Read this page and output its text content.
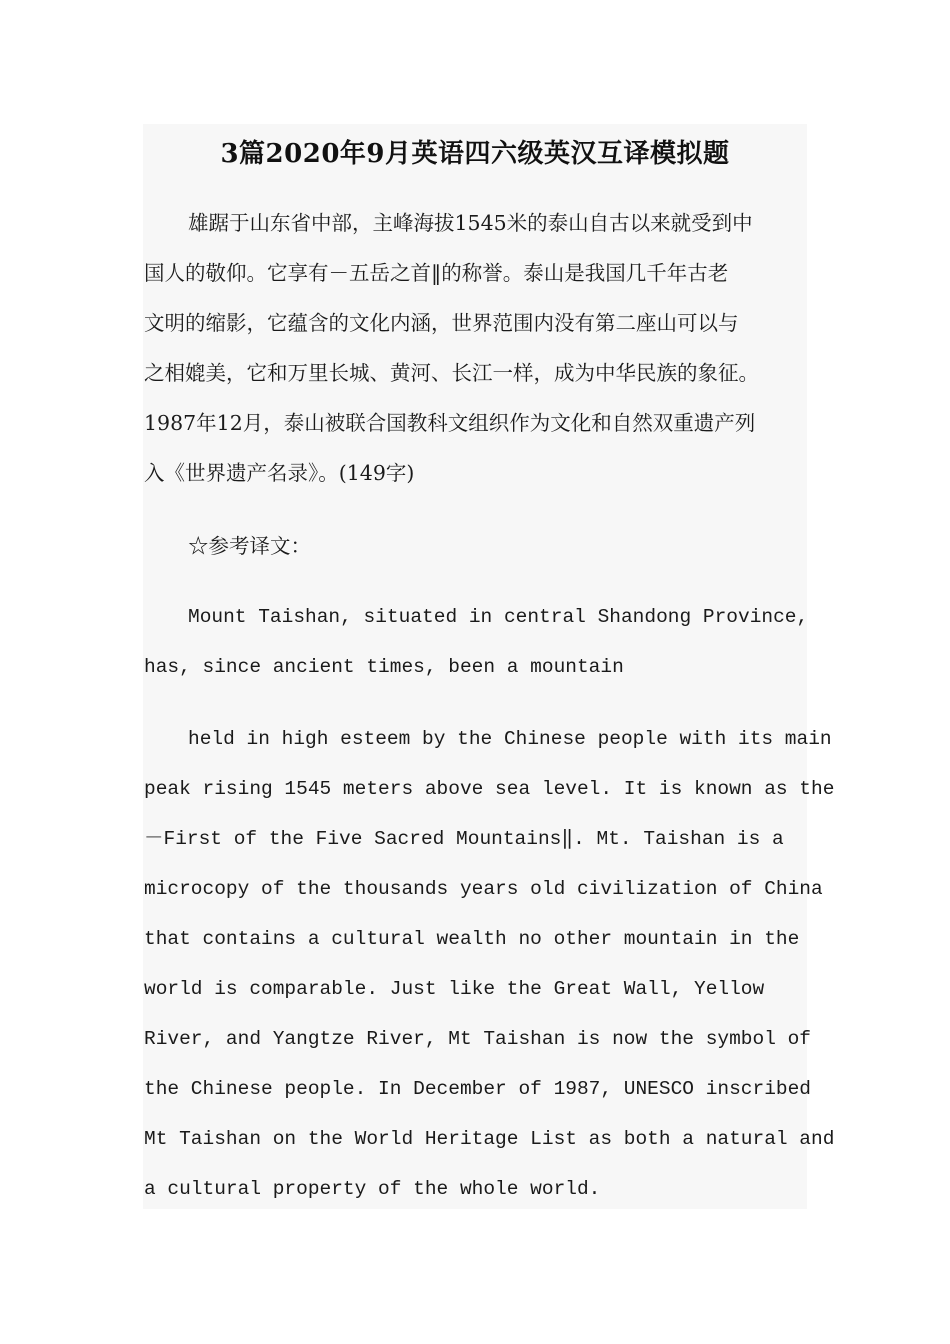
3篇2020年9月英语四六级英汉互译模拟题
雄踞于山东省中部，主峰海拔1545米的泰山自古以来就受到中
国人的敬仰。它享有－五岳之首‖的称誉。泰山是我国几千年古老
文明的缩影，它蕴含的文化内涵，世界范围内没有第二座山可以与
之相媲美，它和万里长城、黄河、长江一样，成为中华民族的象征。
1987年12月，泰山被联合国教科文组织作为文化和自然双重遗产列
入《世界遗产名录》。(149字)
☆参考译文：
Mount Taishan, situated in central Shandong Province,
has, since ancient times, been a mountain
held in high esteem by the Chinese people with its main
peak rising 1545 meters above sea level. It is known as the
－First of the Five Sacred Mountains‖. Mt. Taishan is a
microcopy of the thousands years old civilization of China
that contains a cultural wealth no other mountain in the
world is comparable. Just like the Great Wall, Yellow
River, and Yangtze River, Mt Taishan is now the symbol of
the Chinese people. In December of 1987, UNESCO inscribed
Mt Taishan on the World Heritage List as both a natural and
a cultural property of the whole world.
